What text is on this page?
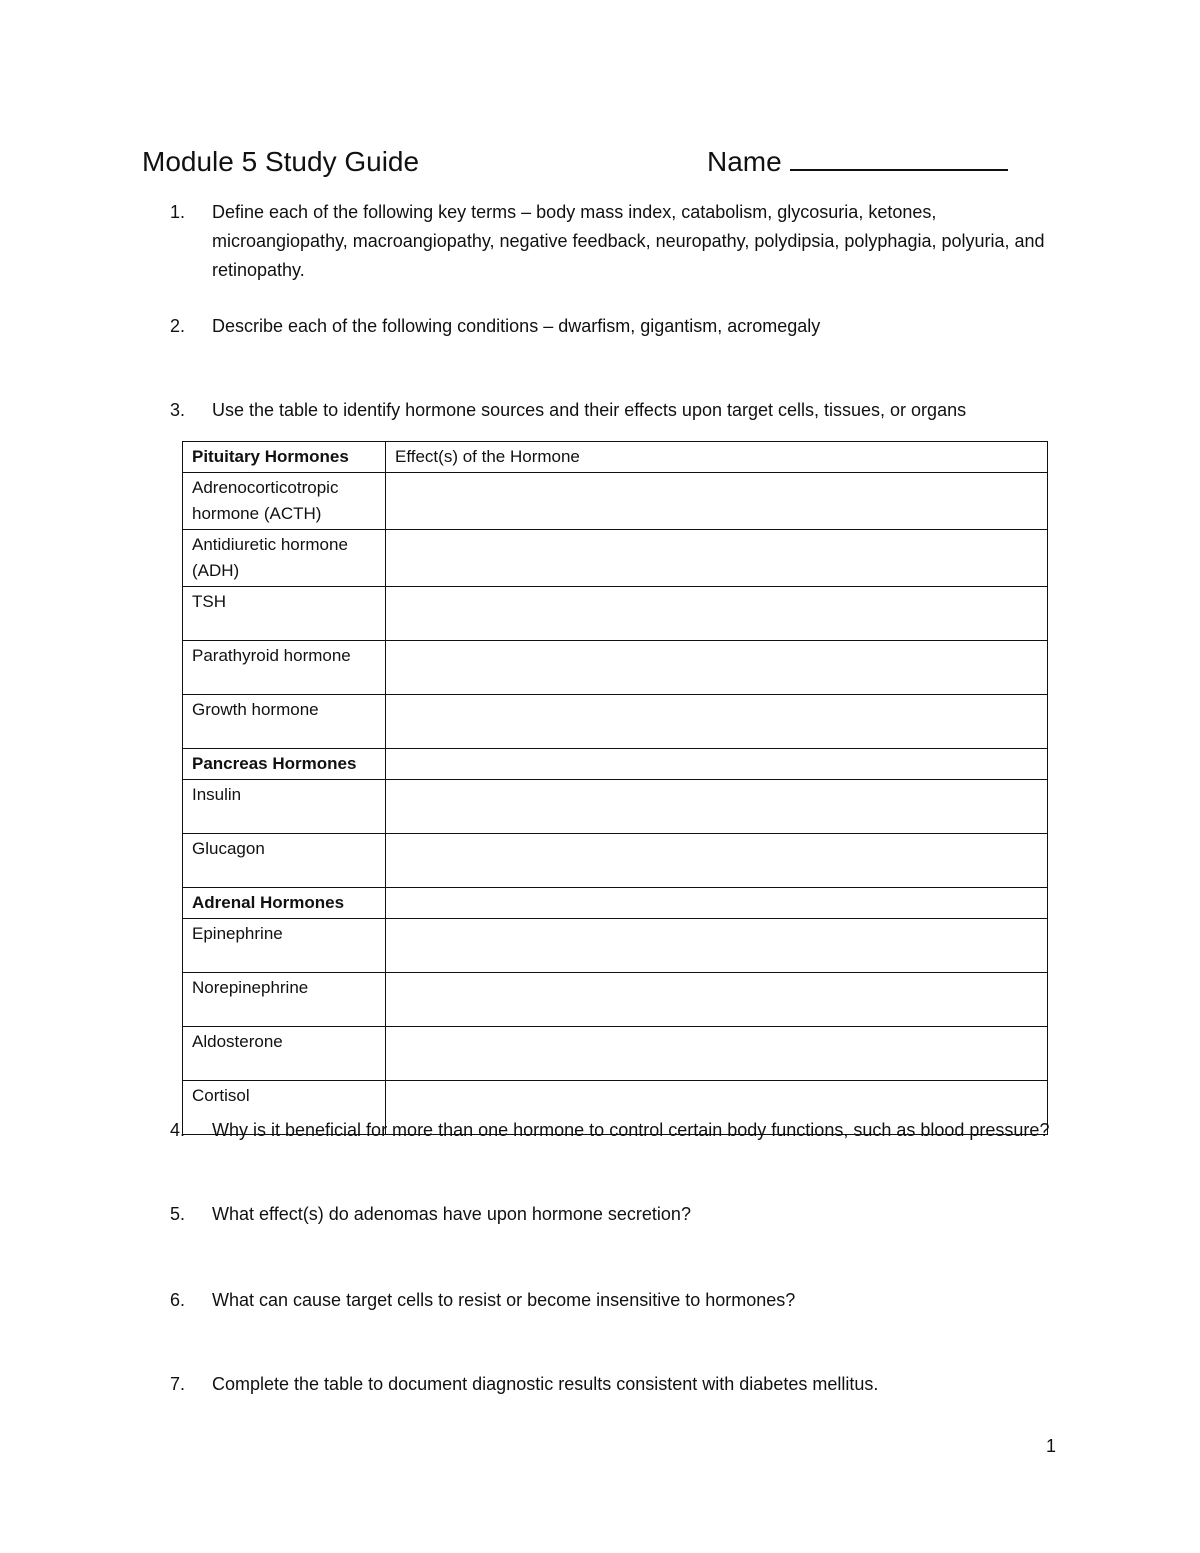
Module 5 Study Guide	Name
1.	Define each of the following key terms – body mass index, catabolism, glycosuria, ketones, microangiopathy, macroangiopathy, negative feedback, neuropathy, polydipsia, polyphagia, polyuria, and retinopathy.
2.	Describe each of the following conditions – dwarfism, gigantism, acromegaly
3.	Use the table to identify hormone sources and their effects upon target cells, tissues, or organs
Pituitary Hormones	Effect(s) of the Hormone
Adrenocorticotropic hormone (ACTH)	
Antidiuretic hormone (ADH)	
TSH	
Parathyroid hormone	
Growth hormone	
Pancreas Hormones	
Insulin	
Glucagon	
Adrenal Hormones	
Epinephrine	
Norepinephrine	
Aldosterone	
Cortisol	
4.	Why is it beneficial for more than one hormone to control certain body functions, such as blood pressure?
5.	What effect(s) do adenomas have upon hormone secretion?
6.	What can cause target cells to resist or become insensitive to hormones?
7.	Complete the table to document diagnostic results consistent with diabetes mellitus.
1
